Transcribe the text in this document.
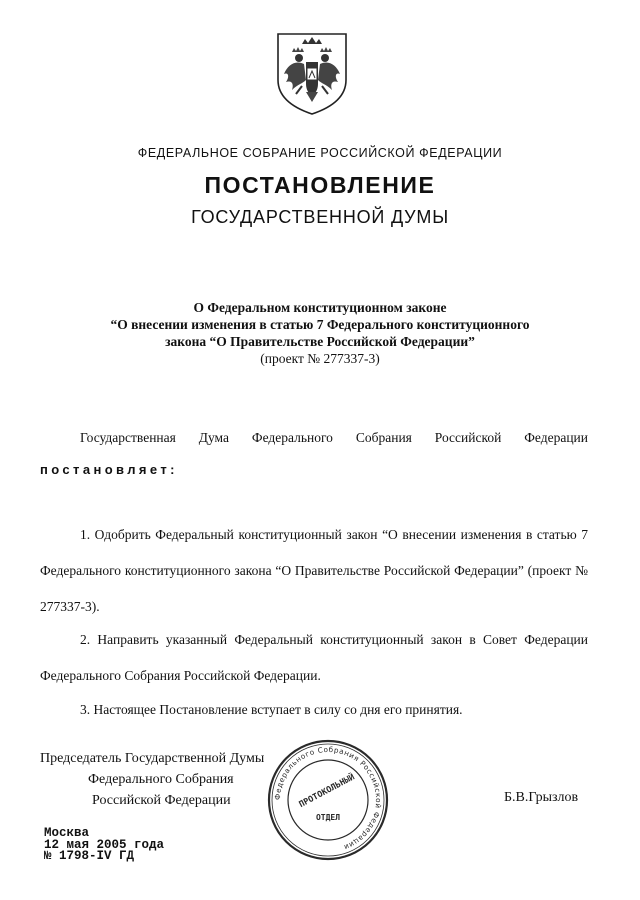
ФЕДЕРАЛЬНОЕ СОБРАНИЕ РОССИЙСКОЙ ФЕДЕРАЦИИ
ПОСТАНОВЛЕНИЕ
ГОСУДАРСТВЕННОЙ ДУМЫ
О Федеральном конституционном законе
“О внесении изменения в статью 7 Федерального конституционного
закона “О Правительстве Российской Федерации”
(проект № 277337-3)
Государственная Дума Федерального Собрания Российской Федерации
постановляет:
1. Одобрить Федеральный конституционный закон “О внесении изменения в статью 7 Федерального конституционного закона “О Правительстве Российской Федерации” (проект № 277337-3).
2. Направить указанный Федеральный конституционный закон в Совет Федерации Федерального Собрания Российской Федерации.
3. Настоящее Постановление вступает в силу со дня его принятия.
Председатель Государственной Думы
Федерального Собрания
Российской Федерации	Федерального Собрания Российской Федерации
ПРОТОКОЛЬНЫЙ
ОТДЕЛ
Б.В.Грызлов
Москва
12 мая 2005 года
№ 1798-IV ГД
